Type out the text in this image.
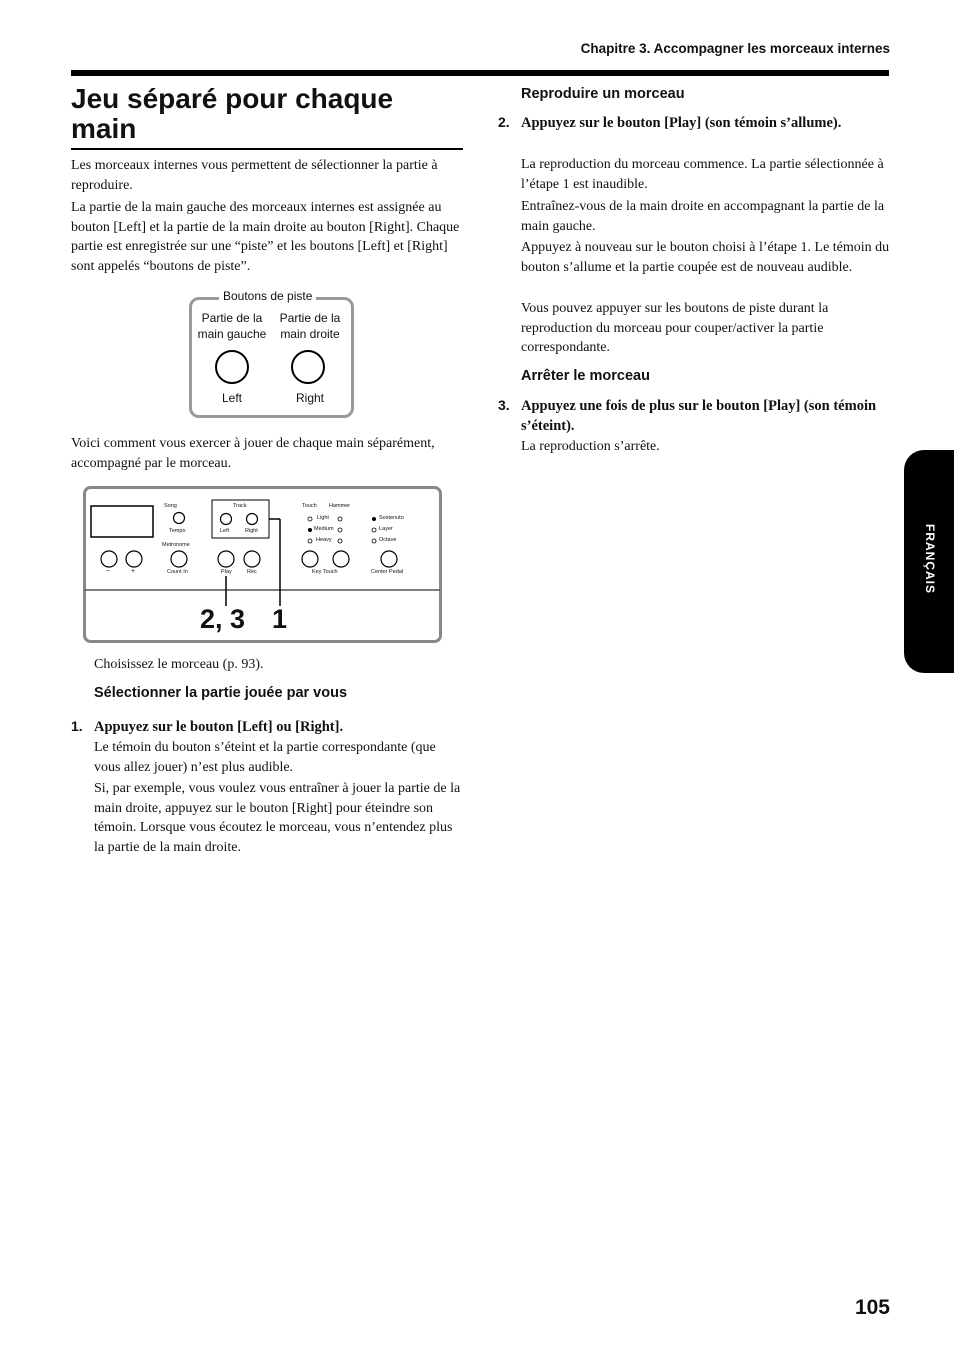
Chapitre 3. Accompagner les morceaux internes
Jeu séparé pour chaque main

Les morceaux internes vous permettent de sélectionner la partie à reproduire.

La partie de la main gauche des morceaux internes est assignée au bouton [Left] et la partie de la main droite au bouton [Right]. Chaque partie est enregistrée sur une “piste” et les boutons [Left] et [Right] sont appelés “boutons de piste”.

Boutons de piste
Partie de la
main gauche
Partie de la
main droite
Left	Right

Voici comment vous exercer à jouer de chaque main séparément, accompagné par le morceau.

Song
Tempo
Metronome
Count In
−	+
Track
Left	Right
Play	Rec
Touch Hammer
Light
Medium
Heavy
Key Touch
Sostenuto
Layer
Octave
Center Pedal
2, 3 1

Choisissez le morceau (p. 93).

Sélectionner la partie jouée par vous
1. Appuyez sur le bouton [Left] ou [Right].

Le témoin du bouton s’éteint et la partie correspondante (que vous allez jouer) n’est plus audible.

Si, par exemple, vous voulez vous entraîner à jouer la partie de la main droite, appuyez sur le bouton [Right] pour éteindre son témoin. Lorsque vous écoutez le morceau, vous n’entendez plus la partie de la main droite.

Reproduire un morceau
2. Appuyez sur le bouton [Play] (son témoin s’allume).

La reproduction du morceau commence. La partie sélectionnée à l’étape 1 est inaudible.

Entraînez-vous de la main droite en accompagnant la partie de la main gauche.

Appuyez à nouveau sur le bouton choisi à l’étape 1. Le témoin du bouton s’allume et la partie coupée est de nouveau audible.

Vous pouvez appuyer sur les boutons de piste durant la reproduction du morceau pour couper/activer la partie correspondante.

Arrêter le morceau
3. Appuyez une fois de plus sur le bouton [Play] (son témoin s’éteint).

La reproduction s’arrête.

FRANÇAIS
105
